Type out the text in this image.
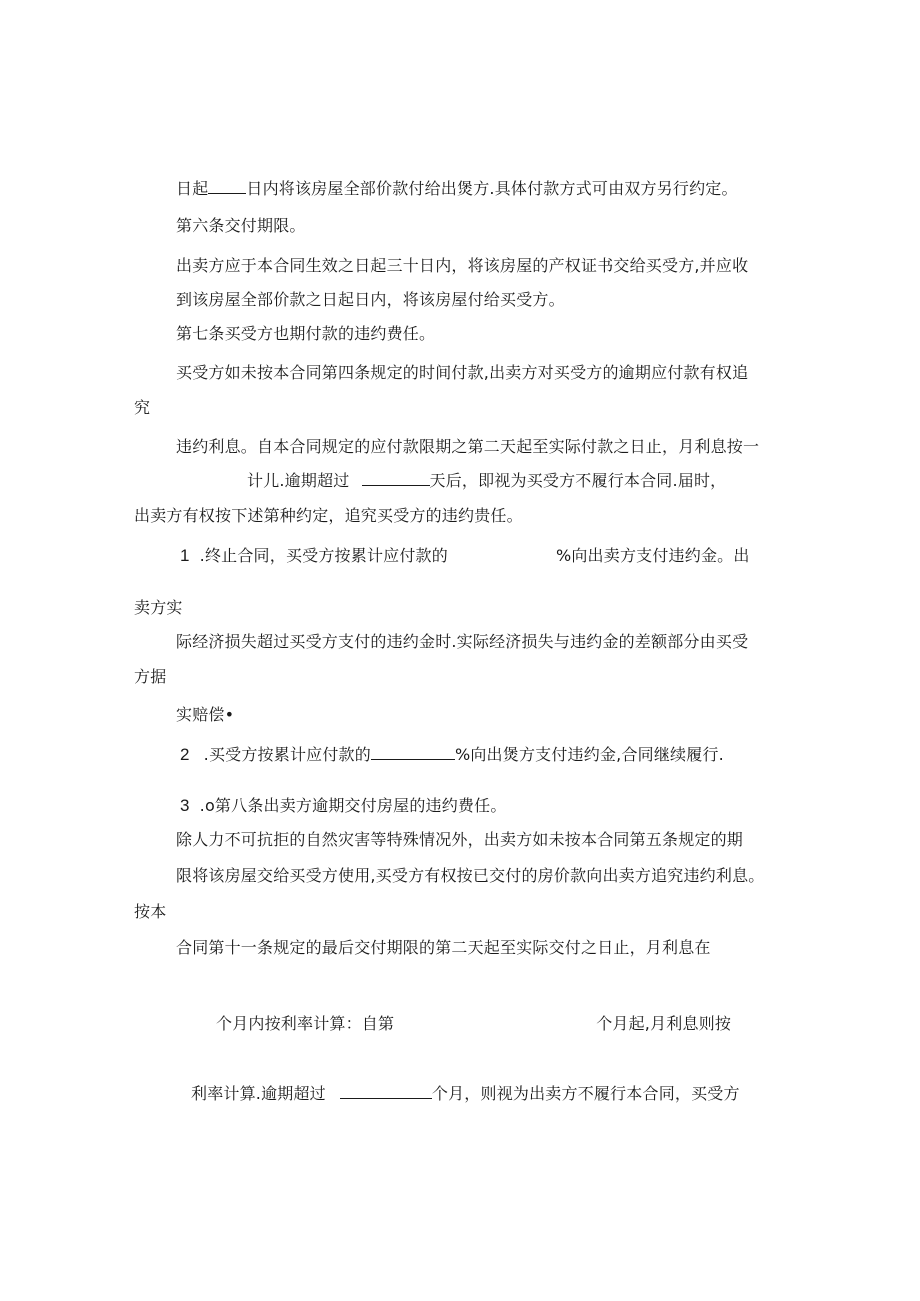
日起 日内将该房屋全部价款付给出煲方.具体付款方式可由双方另行约定。
第六条交付期限。
出卖方应于本合同生效之日起三十日内，将该房屋的产权证书交给买受方,并应收
到该房屋全部价款之日起日内，将该房屋付给买受方。
第七条买受方也期付款的违约费任。
买受方如未按本合同第四条规定的时间付款,出卖方对买受方的逾期应付款有权追
究
违约利息。自本合同规定的应付款限期之第二天起至实际付款之日止，月利息按一
计儿.逾期超过	天后，即视为买受方不履行本合同.届时，
出卖方有权按下述第种约定，追究买受方的违约贵任。
1 .终止合同，买受方按累计应付款的	%向出卖方支付违约金。出
卖方实
际经济损失超过买受方支付的违约金时.实际经济损失与违约金的差额部分由买受
方据
实赔偿•
2 .买受方按累计应付款的	%向出煲方支付违约金,合同继续履行.
3 .o第八条出卖方逾期交付房屋的违约费任。
除人力不可抗拒的自然灾害等特殊情况外，出卖方如未按本合同第五条规定的期
限将该房屋交给买受方使用,买受方有权按已交付的房价款向出卖方追究违约利息。
按本
合同第十一条规定的最后交付期限的第二天起至实际交付之日止，月利息在
个月内按利率计算：自第	个月起,月利息则按
利率计算.逾期超过	个月，则视为出卖方不履行本合同，买受方
